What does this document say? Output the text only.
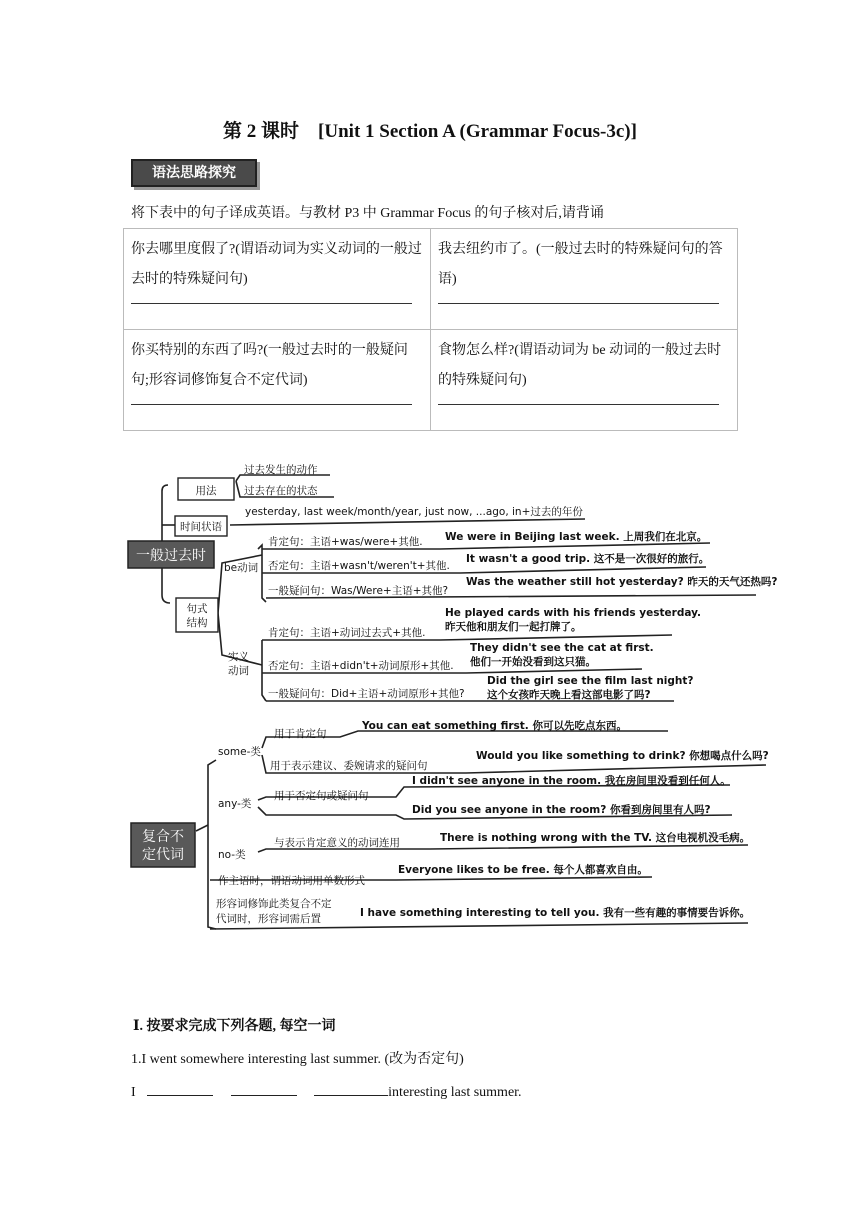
第 2 课时　[Unit 1 Section A (Grammar Focus-3c)]
语法思路探究
将下表中的句子译成英语。与教材 P3 中 Grammar Focus 的句子核对后,请背诵
你去哪里度假了?(谓语动词为实义动词的一般过去时的特殊疑问句)	我去纽约市了。(一般过去时的特殊疑问句的答语)

你买特别的东西了吗?(一般过去时的一般疑问句;形容词修饰复合不定代词)	食物怎么样?(谓语动词为 be 动词的一般过去时的特殊疑问句)
一般过去时
用法
过去发生的动作
过去存在的状态
时间状语
yesterday, last week/month/year, just now, ...ago, in+过去的年份
句式
结构
be动词
实义
动词
肯定句：主语+was/were+其他. We were in Beijing last week. 上周我们在北京。
否定句：主语+wasn't/weren't+其他.
It wasn't a good trip. 这不是一次很好的旅行。
一般疑问句：Was/Were+主语+其他?
Was the weather still hot yesterday? 昨天的天气还热吗?
肯定句：主语+动词过去式+其他.
He played cards with his friends yesterday.
昨天他和朋友们一起打牌了。
否定句：主语+didn't+动词原形+其他.
They didn't see the cat at first.
他们一开始没看到这只猫。
一般疑问句：Did+主语+动词原形+其他?
Did the girl see the film last night?
这个女孩昨天晚上看这部电影了吗?
复合不
定代词
some-类
用于肯定句
You can eat something first. 你可以先吃点东西。
用于表示建议、委婉请求的疑问句
Would you like something to drink? 你想喝点什么吗?
any-类
用于否定句或疑问句
I didn't see anyone in the room. 我在房间里没看到任何人。
Did you see anyone in the room? 你看到房间里有人吗?
no-类
与表示肯定意义的动词连用	There is nothing wrong with the TV. 这台电视机没毛病。
作主语时，谓语动词用单数形式
Everyone likes to be free. 每个人都喜欢自由。
形容词修饰此类复合不定
代词时，形容词需后置	I have something interesting to tell you. 我有一些有趣的事情要告诉你。
Ⅰ. 按要求完成下列各题, 每空一词
1.I went somewhere interesting last summer. (改为否定句)
I	interesting last summer.
